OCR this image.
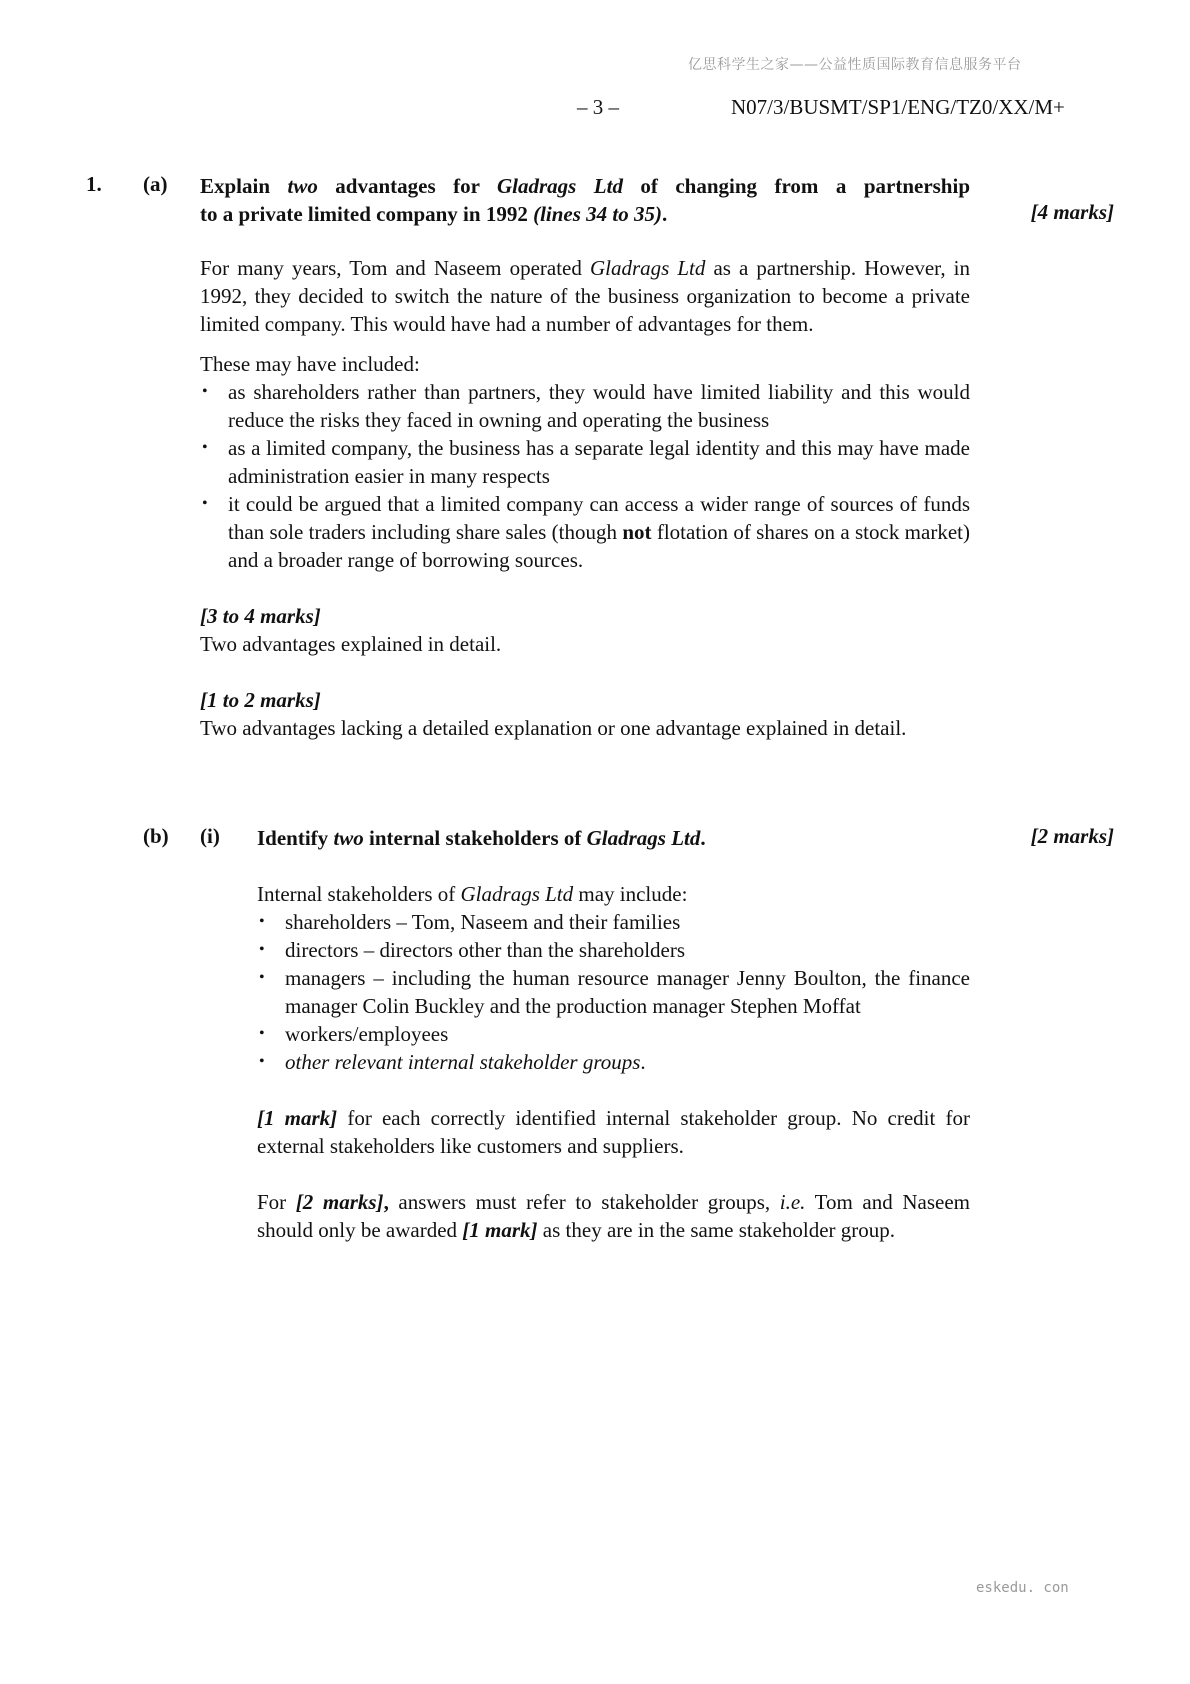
亿思科学生之家——公益性质国际教育信息服务平台
– 3 –	N07/3/BUSMT/SP1/ENG/TZ0/XX/M+
1. (a) Explain two advantages for Gladrags Ltd of changing from a partnership
to a private limited company in 1992 (lines 34 to 35).	[4 marks]

For many years, Tom and Naseem operated Gladrags Ltd as a partnership. However, in 1992, they decided to switch the nature of the business organization to become a private limited company. This would have had a number of advantages for them.

These may have included:

• as shareholders rather than partners, they would have limited liability and this would reduce the risks they faced in owning and operating the business
• as a limited company, the business has a separate legal identity and this may have made administration easier in many respects
• it could be argued that a limited company can access a wider range of sources of funds than sole traders including share sales (though not flotation of shares on a stock market) and a broader range of borrowing sources.

[3 to 4 marks]

Two advantages explained in detail.

[1 to 2 marks]

Two advantages lacking a detailed explanation or one advantage explained in detail.

(b) (i) Identify two internal stakeholders of Gladrags Ltd.	[2 marks]

Internal stakeholders of Gladrags Ltd may include:

• shareholders – Tom, Naseem and their families
• directors – directors other than the shareholders
• managers – including the human resource manager Jenny Boulton, the finance manager Colin Buckley and the production manager Stephen Moffat
• workers/employees
• other relevant internal stakeholder groups.

[1 mark] for each correctly identified internal stakeholder group. No credit for external stakeholders like customers and suppliers.

For [2 marks], answers must refer to stakeholder groups, i.e. Tom and Naseem should only be awarded [1 mark] as they are in the same stakeholder group.

eskedu. con
